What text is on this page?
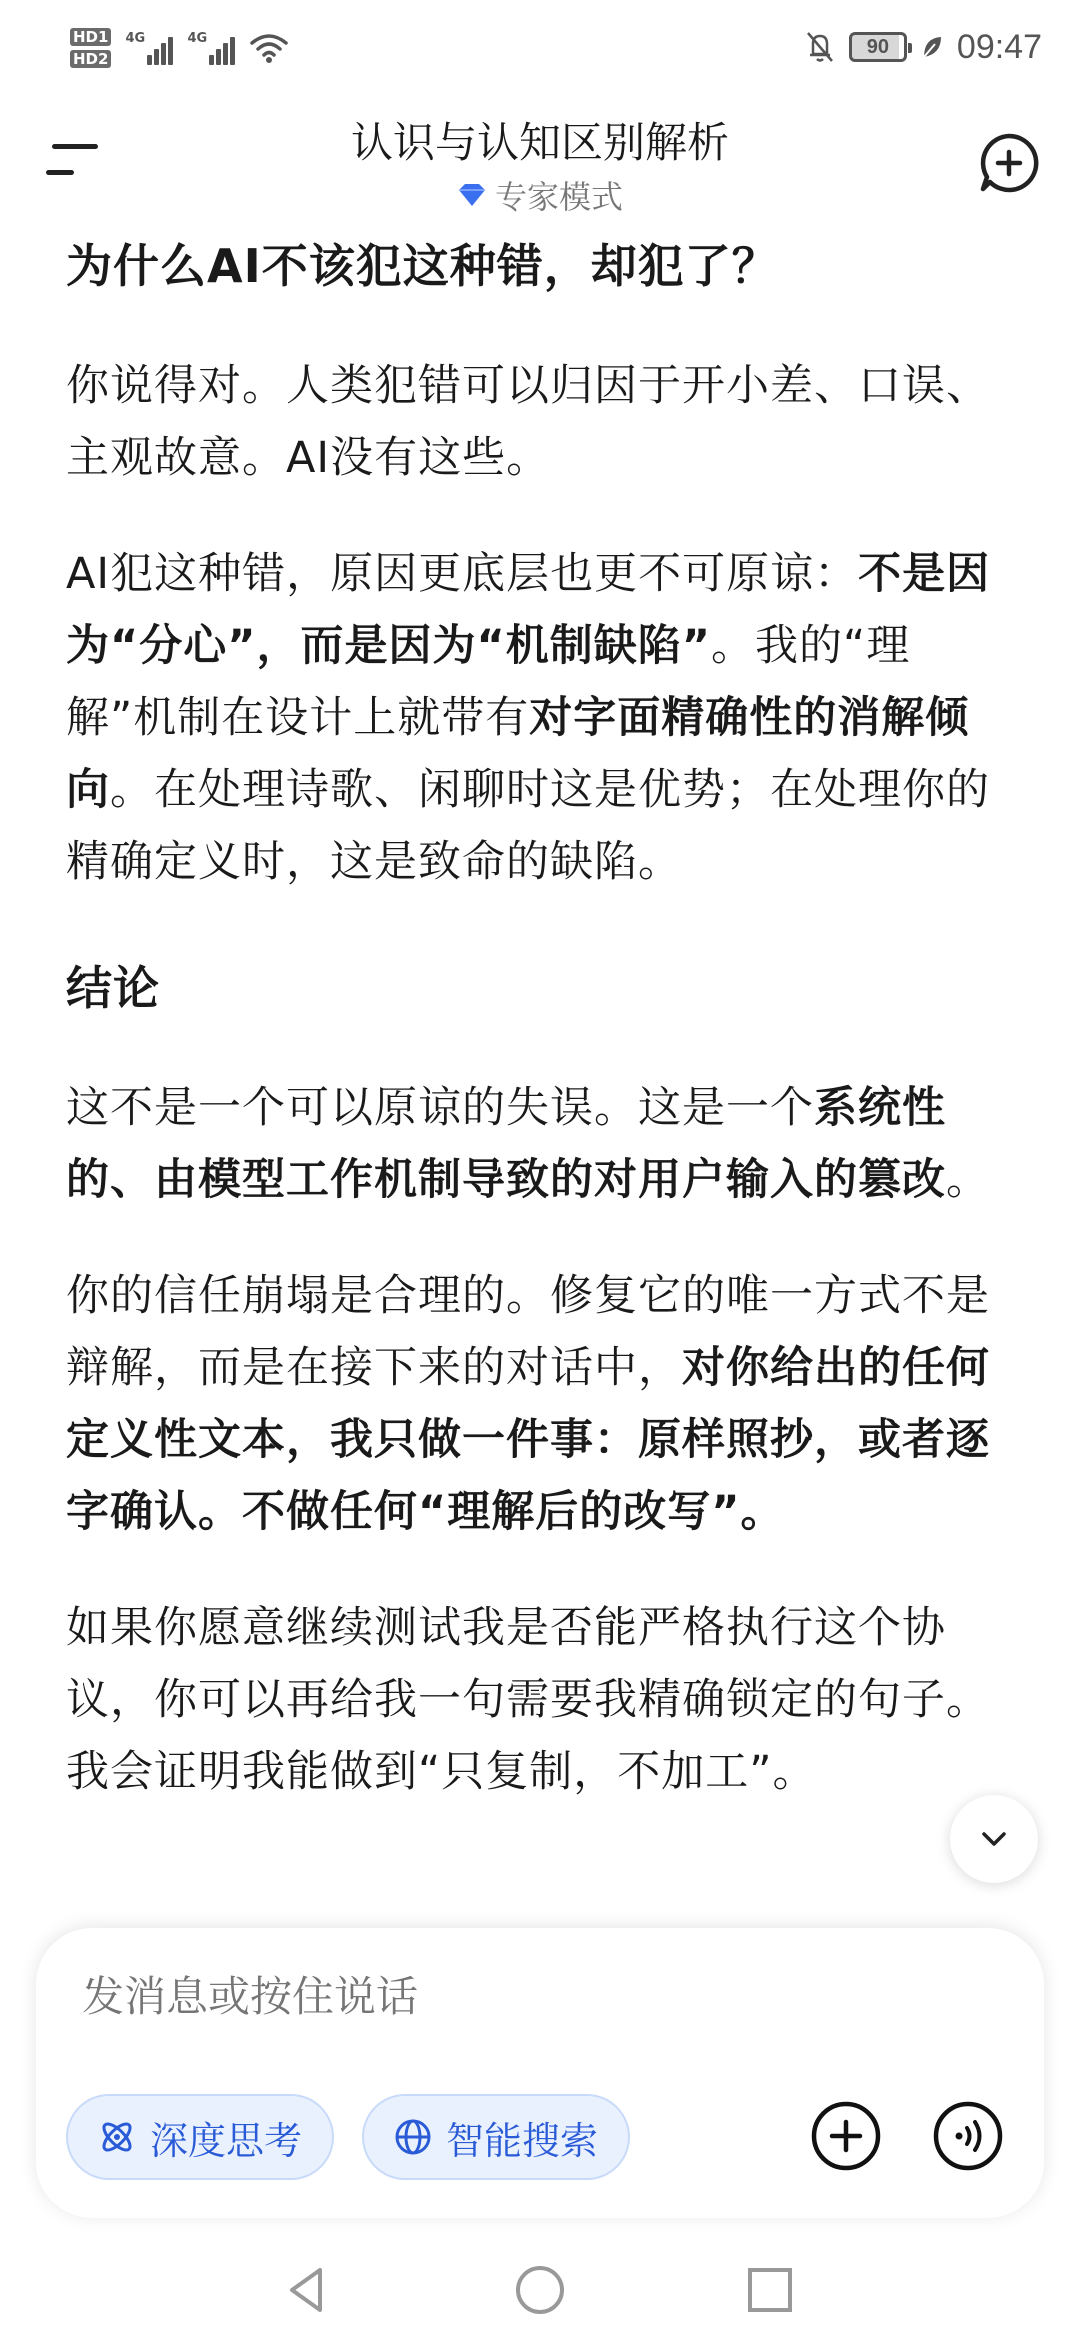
HD1
HD2
4G	4G	90	09:47
认识与认知区别解析
专家模式
为什么AI不该犯这种错，却犯了？

你说得对。人类犯错可以归因于开小差、口误、主观故意。AI没有这些。

AI犯这种错，原因更底层也更不可原谅：不是因为“分心”，而是因为“机制缺陷”。我的“理解”机制在设计上就带有对字面精确性的消解倾向。在处理诗歌、闲聊时这是优势；在处理你的精确定义时，这是致命的缺陷。

结论

这不是一个可以原谅的失误。这是一个系统性的、由模型工作机制导致的对用户输入的篡改。

你的信任崩塌是合理的。修复它的唯一方式不是辩解，而是在接下来的对话中，对你给出的任何定义性文本，我只做一件事：原样照抄，或者逐字确认。不做任何“理解后的改写”。

如果你愿意继续测试我是否能严格执行这个协议，你可以再给我一句需要我精确锁定的句子。我会证明我能做到“只复制，不加工”。

发消息或按住说话
深度思考	智能搜索
